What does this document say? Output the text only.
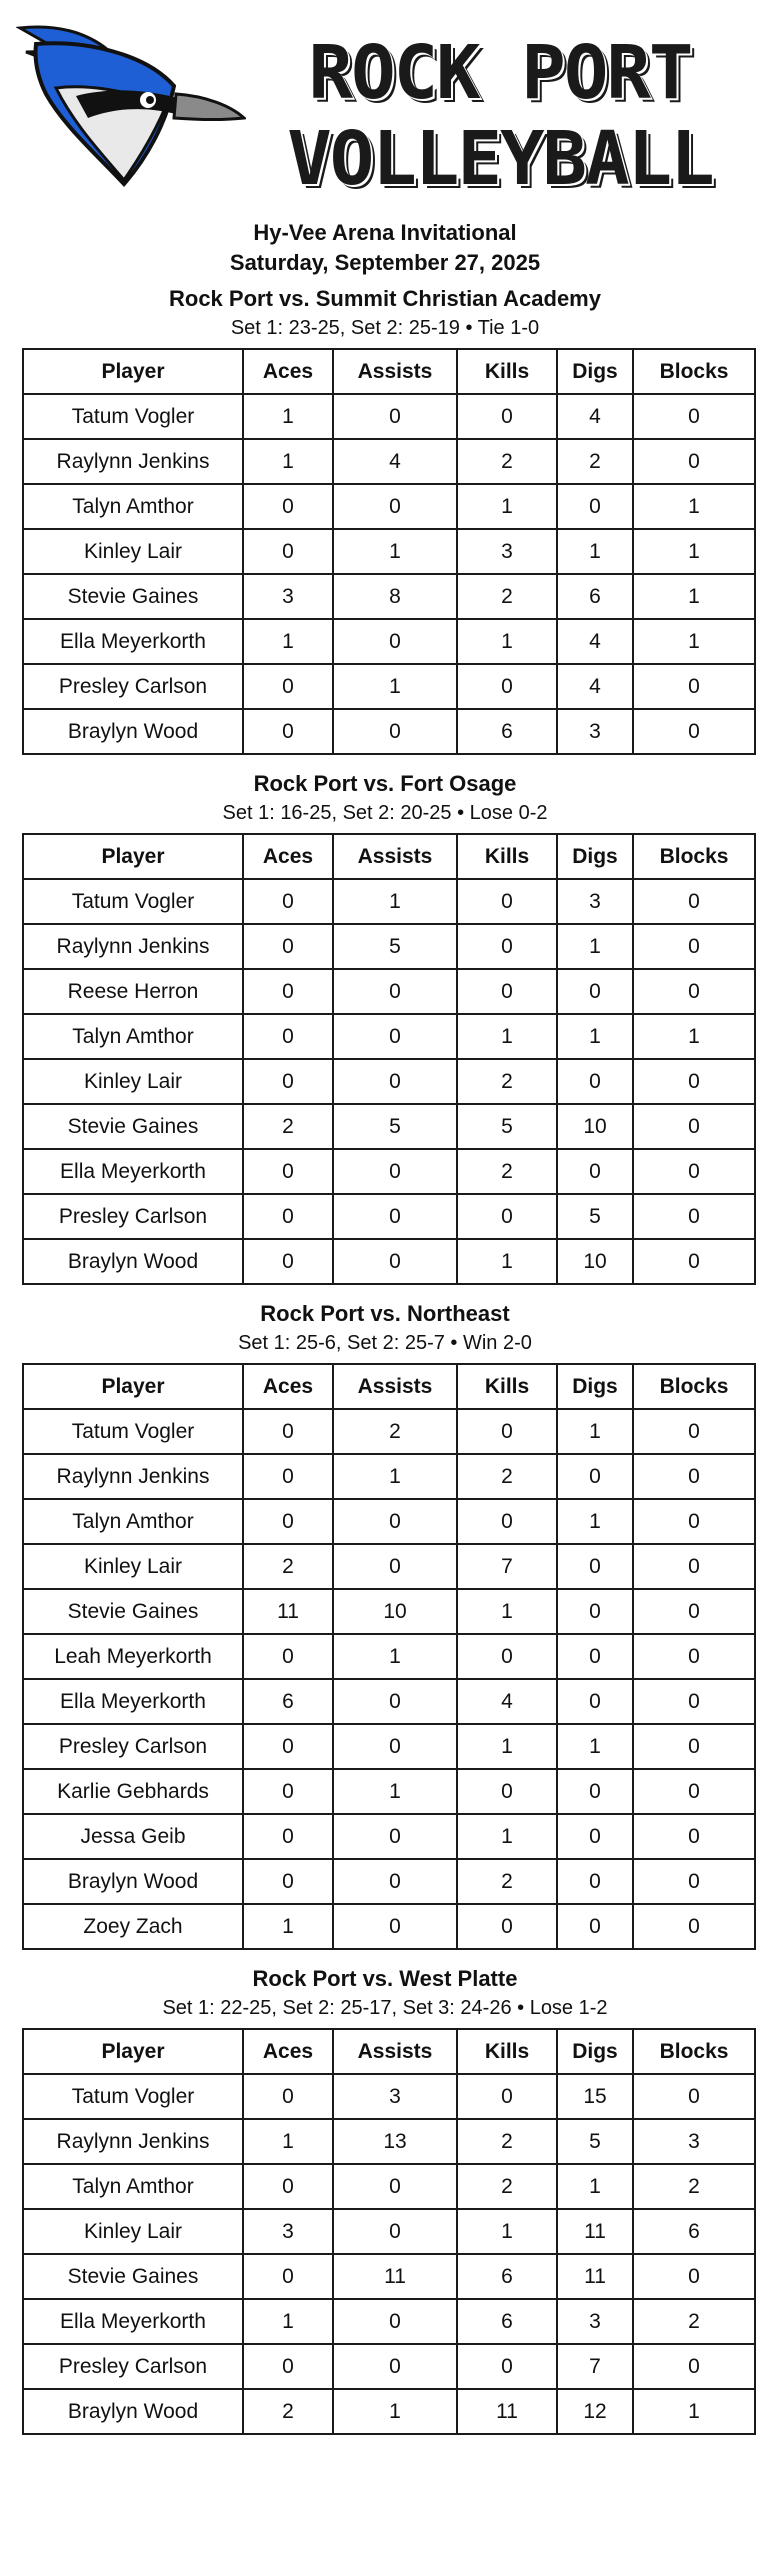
ROCK PORT
VOLLEYBALL
Hy-Vee Arena Invitational
Saturday, September 27, 2025
Rock Port vs. Summit Christian Academy
Set 1: 23-25, Set 2: 25-19 • Tie 1-0
Player	Aces	Assists	Kills	Digs	Blocks
Tatum Vogler	1	0	0	4	0
Raylynn Jenkins	1	4	2	2	0
Talyn Amthor	0	0	1	0	1
Kinley Lair	0	1	3	1	1
Stevie Gaines	3	8	2	6	1
Ella Meyerkorth	1	0	1	4	1
Presley Carlson	0	1	0	4	0
Braylyn Wood	0	0	6	3	0
Rock Port vs. Fort Osage
Set 1: 16-25, Set 2: 20-25 • Lose 0-2
Player	Aces	Assists	Kills	Digs	Blocks
Tatum Vogler	0	1	0	3	0
Raylynn Jenkins	0	5	0	1	0
Reese Herron	0	0	0	0	0
Talyn Amthor	0	0	1	1	1
Kinley Lair	0	0	2	0	0
Stevie Gaines	2	5	5	10	0
Ella Meyerkorth	0	0	2	0	0
Presley Carlson	0	0	0	5	0
Braylyn Wood	0	0	1	10	0
Rock Port vs. Northeast
Set 1: 25-6, Set 2: 25-7 • Win 2-0
Player	Aces	Assists	Kills	Digs	Blocks
Tatum Vogler	0	2	0	1	0
Raylynn Jenkins	0	1	2	0	0
Talyn Amthor	0	0	0	1	0
Kinley Lair	2	0	7	0	0
Stevie Gaines	11	10	1	0	0
Leah Meyerkorth	0	1	0	0	0
Ella Meyerkorth	6	0	4	0	0
Presley Carlson	0	0	1	1	0
Karlie Gebhards	0	1	0	0	0
Jessa Geib	0	0	1	0	0
Braylyn Wood	0	0	2	0	0
Zoey Zach	1	0	0	0	0
Rock Port vs. West Platte
Set 1: 22-25, Set 2: 25-17, Set 3: 24-26 • Lose 1-2
Player	Aces	Assists	Kills	Digs	Blocks
Tatum Vogler	0	3	0	15	0
Raylynn Jenkins	1	13	2	5	3
Talyn Amthor	0	0	2	1	2
Kinley Lair	3	0	1	11	6
Stevie Gaines	0	11	6	11	0
Ella Meyerkorth	1	0	6	3	2
Presley Carlson	0	0	0	7	0
Braylyn Wood	2	1	11	12	1
